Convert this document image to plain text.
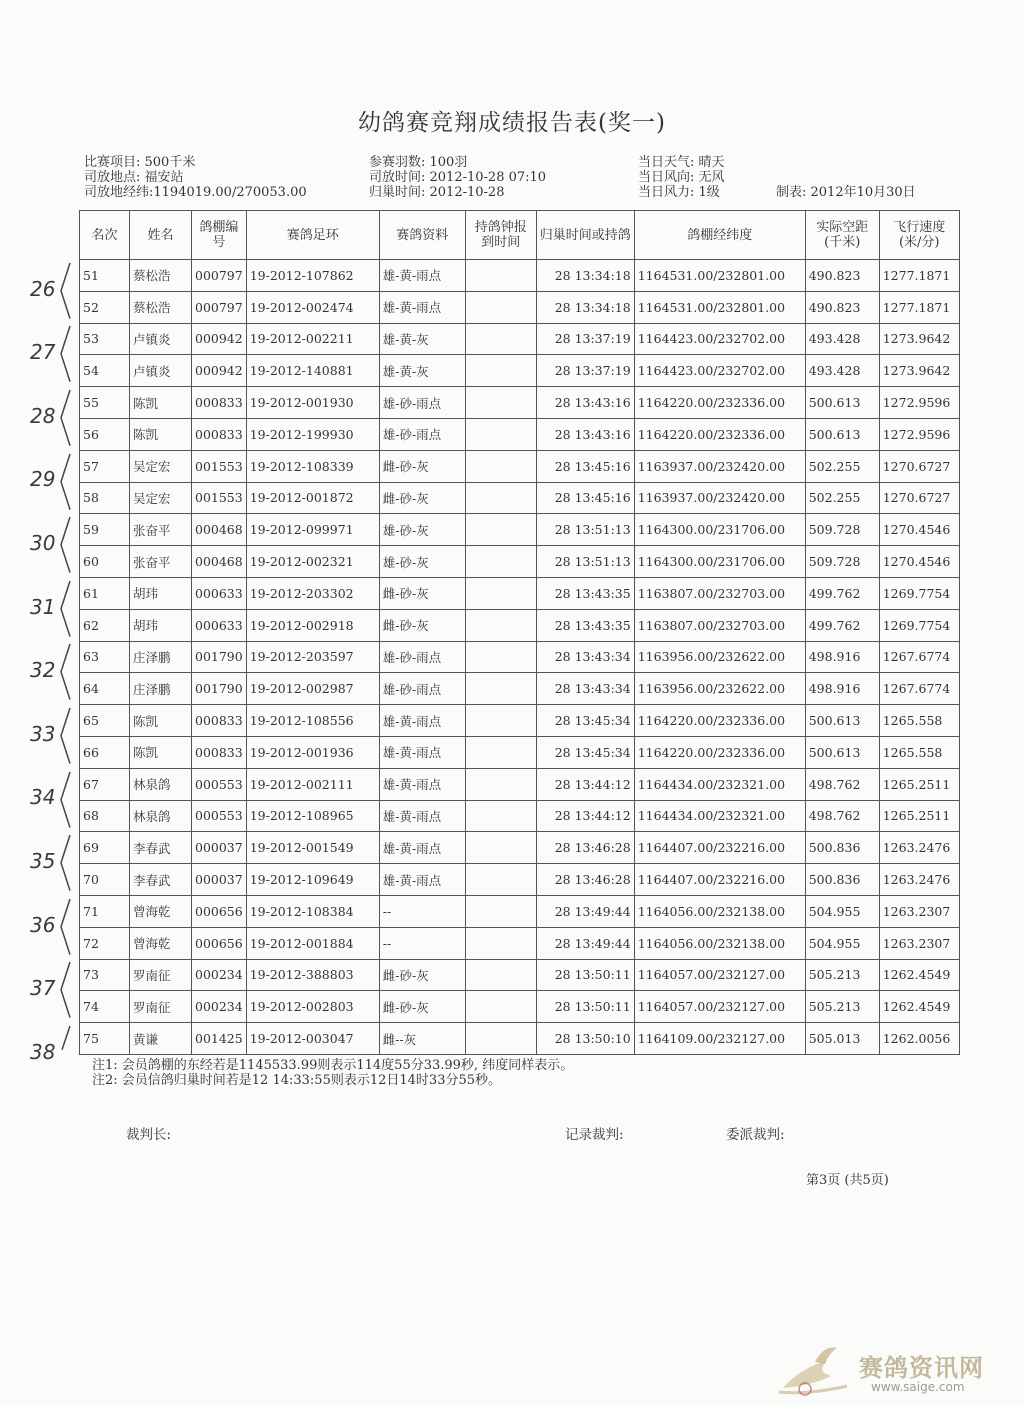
幼鸽赛竞翔成绩报告表(奖一)
比赛项目: 500千米
司放地点: 福安站
司放地经纬:1194019.00/270053.00
参赛羽数: 100羽
司放时间: 2012-10-28 07:10
归巢时间: 2012-10-28
当日天气: 晴天
当日风向: 无风
当日风力: 1级	制表: 2012年10月30日
名次	姓名	鸽棚编号	赛鸽足环	赛鸽资料	持鸽钟报到时间	归巢时间或持鸽	鸽棚经纬度	实际空距(千米)	飞行速度(米/分)
51	蔡松浩	000797	19-2012-107862	雄-黄-雨点		28 13:34:18	1164531.00/232801.00	490.823	1277.1871
52	蔡松浩	000797	19-2012-002474	雄-黄-雨点		28 13:34:18	1164531.00/232801.00	490.823	1277.1871
53	卢镇炎	000942	19-2012-002211	雄-黄-灰		28 13:37:19	1164423.00/232702.00	493.428	1273.9642
54	卢镇炎	000942	19-2012-140881	雄-黄-灰		28 13:37:19	1164423.00/232702.00	493.428	1273.9642
55	陈凯	000833	19-2012-001930	雄-砂-雨点		28 13:43:16	1164220.00/232336.00	500.613	1272.9596
56	陈凯	000833	19-2012-199930	雄-砂-雨点		28 13:43:16	1164220.00/232336.00	500.613	1272.9596
57	吴定宏	001553	19-2012-108339	雌-砂-灰		28 13:45:16	1163937.00/232420.00	502.255	1270.6727
58	吴定宏	001553	19-2012-001872	雌-砂-灰		28 13:45:16	1163937.00/232420.00	502.255	1270.6727
59	张奋平	000468	19-2012-099971	雄-砂-灰		28 13:51:13	1164300.00/231706.00	509.728	1270.4546
60	张奋平	000468	19-2012-002321	雄-砂-灰		28 13:51:13	1164300.00/231706.00	509.728	1270.4546
61	胡玮	000633	19-2012-203302	雌-砂-灰		28 13:43:35	1163807.00/232703.00	499.762	1269.7754
62	胡玮	000633	19-2012-002918	雌-砂-灰		28 13:43:35	1163807.00/232703.00	499.762	1269.7754
63	庄泽鹏	001790	19-2012-203597	雄-砂-雨点		28 13:43:34	1163956.00/232622.00	498.916	1267.6774
64	庄泽鹏	001790	19-2012-002987	雄-砂-雨点		28 13:43:34	1163956.00/232622.00	498.916	1267.6774
65	陈凯	000833	19-2012-108556	雄-黄-雨点		28 13:45:34	1164220.00/232336.00	500.613	1265.558
66	陈凯	000833	19-2012-001936	雄-黄-雨点		28 13:45:34	1164220.00/232336.00	500.613	1265.558
67	林泉鸽	000553	19-2012-002111	雄-黄-雨点		28 13:44:12	1164434.00/232321.00	498.762	1265.2511
68	林泉鸽	000553	19-2012-108965	雄-黄-雨点		28 13:44:12	1164434.00/232321.00	498.762	1265.2511
69	李春武	000037	19-2012-001549	雄-黄-雨点		28 13:46:28	1164407.00/232216.00	500.836	1263.2476
70	李春武	000037	19-2012-109649	雄-黄-雨点		28 13:46:28	1164407.00/232216.00	500.836	1263.2476
71	曾海乾	000656	19-2012-108384	--		28 13:49:44	1164056.00/232138.00	504.955	1263.2307
72	曾海乾	000656	19-2012-001884	--		28 13:49:44	1164056.00/232138.00	504.955	1263.2307
73	罗南征	000234	19-2012-388803	雌-砂-灰		28 13:50:11	1164057.00/232127.00	505.213	1262.4549
74	罗南征	000234	19-2012-002803	雌-砂-灰		28 13:50:11	1164057.00/232127.00	505.213	1262.4549
75	黄谦	001425	19-2012-003047	雌--灰		28 13:50:10	1164109.00/232127.00	505.013	1262.0056
26
27
28
29
30
31
32
33
34
35
36
37
38
注1: 会员鸽棚的东经若是1145533.99则表示114度55分33.99秒, 纬度同样表示。
注2: 会员信鸽归巢时间若是12 14:33:55则表示12日14时33分55秒。
裁判长:	记录裁判:	委派裁判:
第3页 (共5页)
赛鸽资讯网
www.saige.com
